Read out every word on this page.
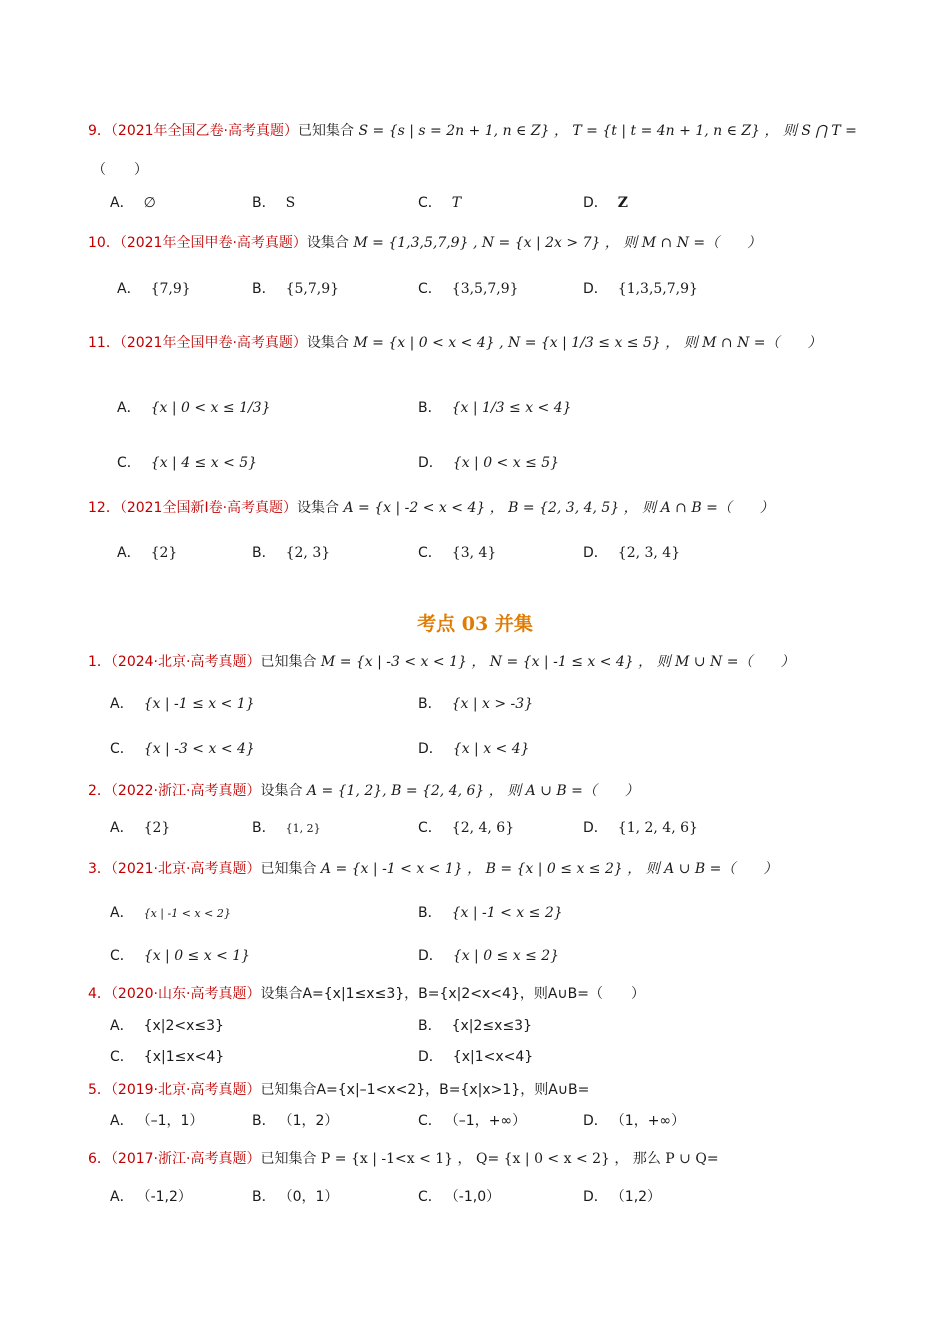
9．（2021年全国乙卷·高考真题）已知集合 S = {s | s = 2n + 1, n ∈ Z} ， T = {t | t = 4n + 1, n ∈ Z} ， 则 S ⋂ T =
（　　）
A． ∅	B． S	C． T	D． Z
10．（2021年全国甲卷·高考真题）设集合 M = {1,3,5,7,9} , N = {x | 2x > 7} ， 则 M ∩ N =（　　）
A． {7,9}	B． {5,7,9}	C． {3,5,7,9}	D． {1,3,5,7,9}
11．（2021年全国甲卷·高考真题）设集合 M = {x | 0 < x < 4} , N = {x | 1/3 ≤ x ≤ 5} ， 则 M ∩ N =（　　）
A． {x | 0 < x ≤ 1/3}	B． {x | 1/3 ≤ x < 4}
C． {x | 4 ≤ x < 5}	D． {x | 0 < x ≤ 5}
12．（2021全国新Ⅰ卷·高考真题）设集合 A = {x | -2 < x < 4} ， B = {2, 3, 4, 5} ， 则 A ∩ B =（　　）
A． {2}	B． {2, 3}	C． {3, 4}	D． {2, 3, 4}
考点 03 并集
1．（2024·北京·高考真题）已知集合 M = {x | -3 < x < 1} ， N = {x | -1 ≤ x < 4} ， 则 M ∪ N =（　　）
A． {x | -1 ≤ x < 1}	B． {x | x > -3}
C． {x | -3 < x < 4}	D． {x | x < 4}
2．（2022·浙江·高考真题）设集合 A = {1, 2}, B = {2, 4, 6} ， 则 A ∪ B =（　　）
A． {2}	B． {1, 2}	C． {2, 4, 6}	D． {1, 2, 4, 6}
3．（2021·北京·高考真题）已知集合 A = {x | -1 < x < 1} ， B = {x | 0 ≤ x ≤ 2} ， 则 A ∪ B =（　　）
A． {x | -1 < x < 2}	B． {x | -1 < x ≤ 2}
C． {x | 0 ≤ x < 1}	D． {x | 0 ≤ x ≤ 2}
4．（2020·山东·高考真题）设集合A={x|1≤x≤3}，B={x|2<x<4}，则A∪B=（　　）
A． {x|2<x≤3}	B． {x|2≤x≤3}
C． {x|1≤x<4}	D． {x|1<x<4}
5．（2019·北京·高考真题）已知集合A={x|–1<x<2}，B={x|x>1}，则A∪B=
A． （–1，1）	B． （1，2）	C． （–1，+∞）	D． （1，+∞）
6．（2017·浙江·高考真题）已知集合 P = {x | -1<x < 1} ， Q= {x | 0 < x < 2} ， 那么 P ∪ Q=
A． （-1,2）	B． （0，1）	C． （-1,0）	D． （1,2）
